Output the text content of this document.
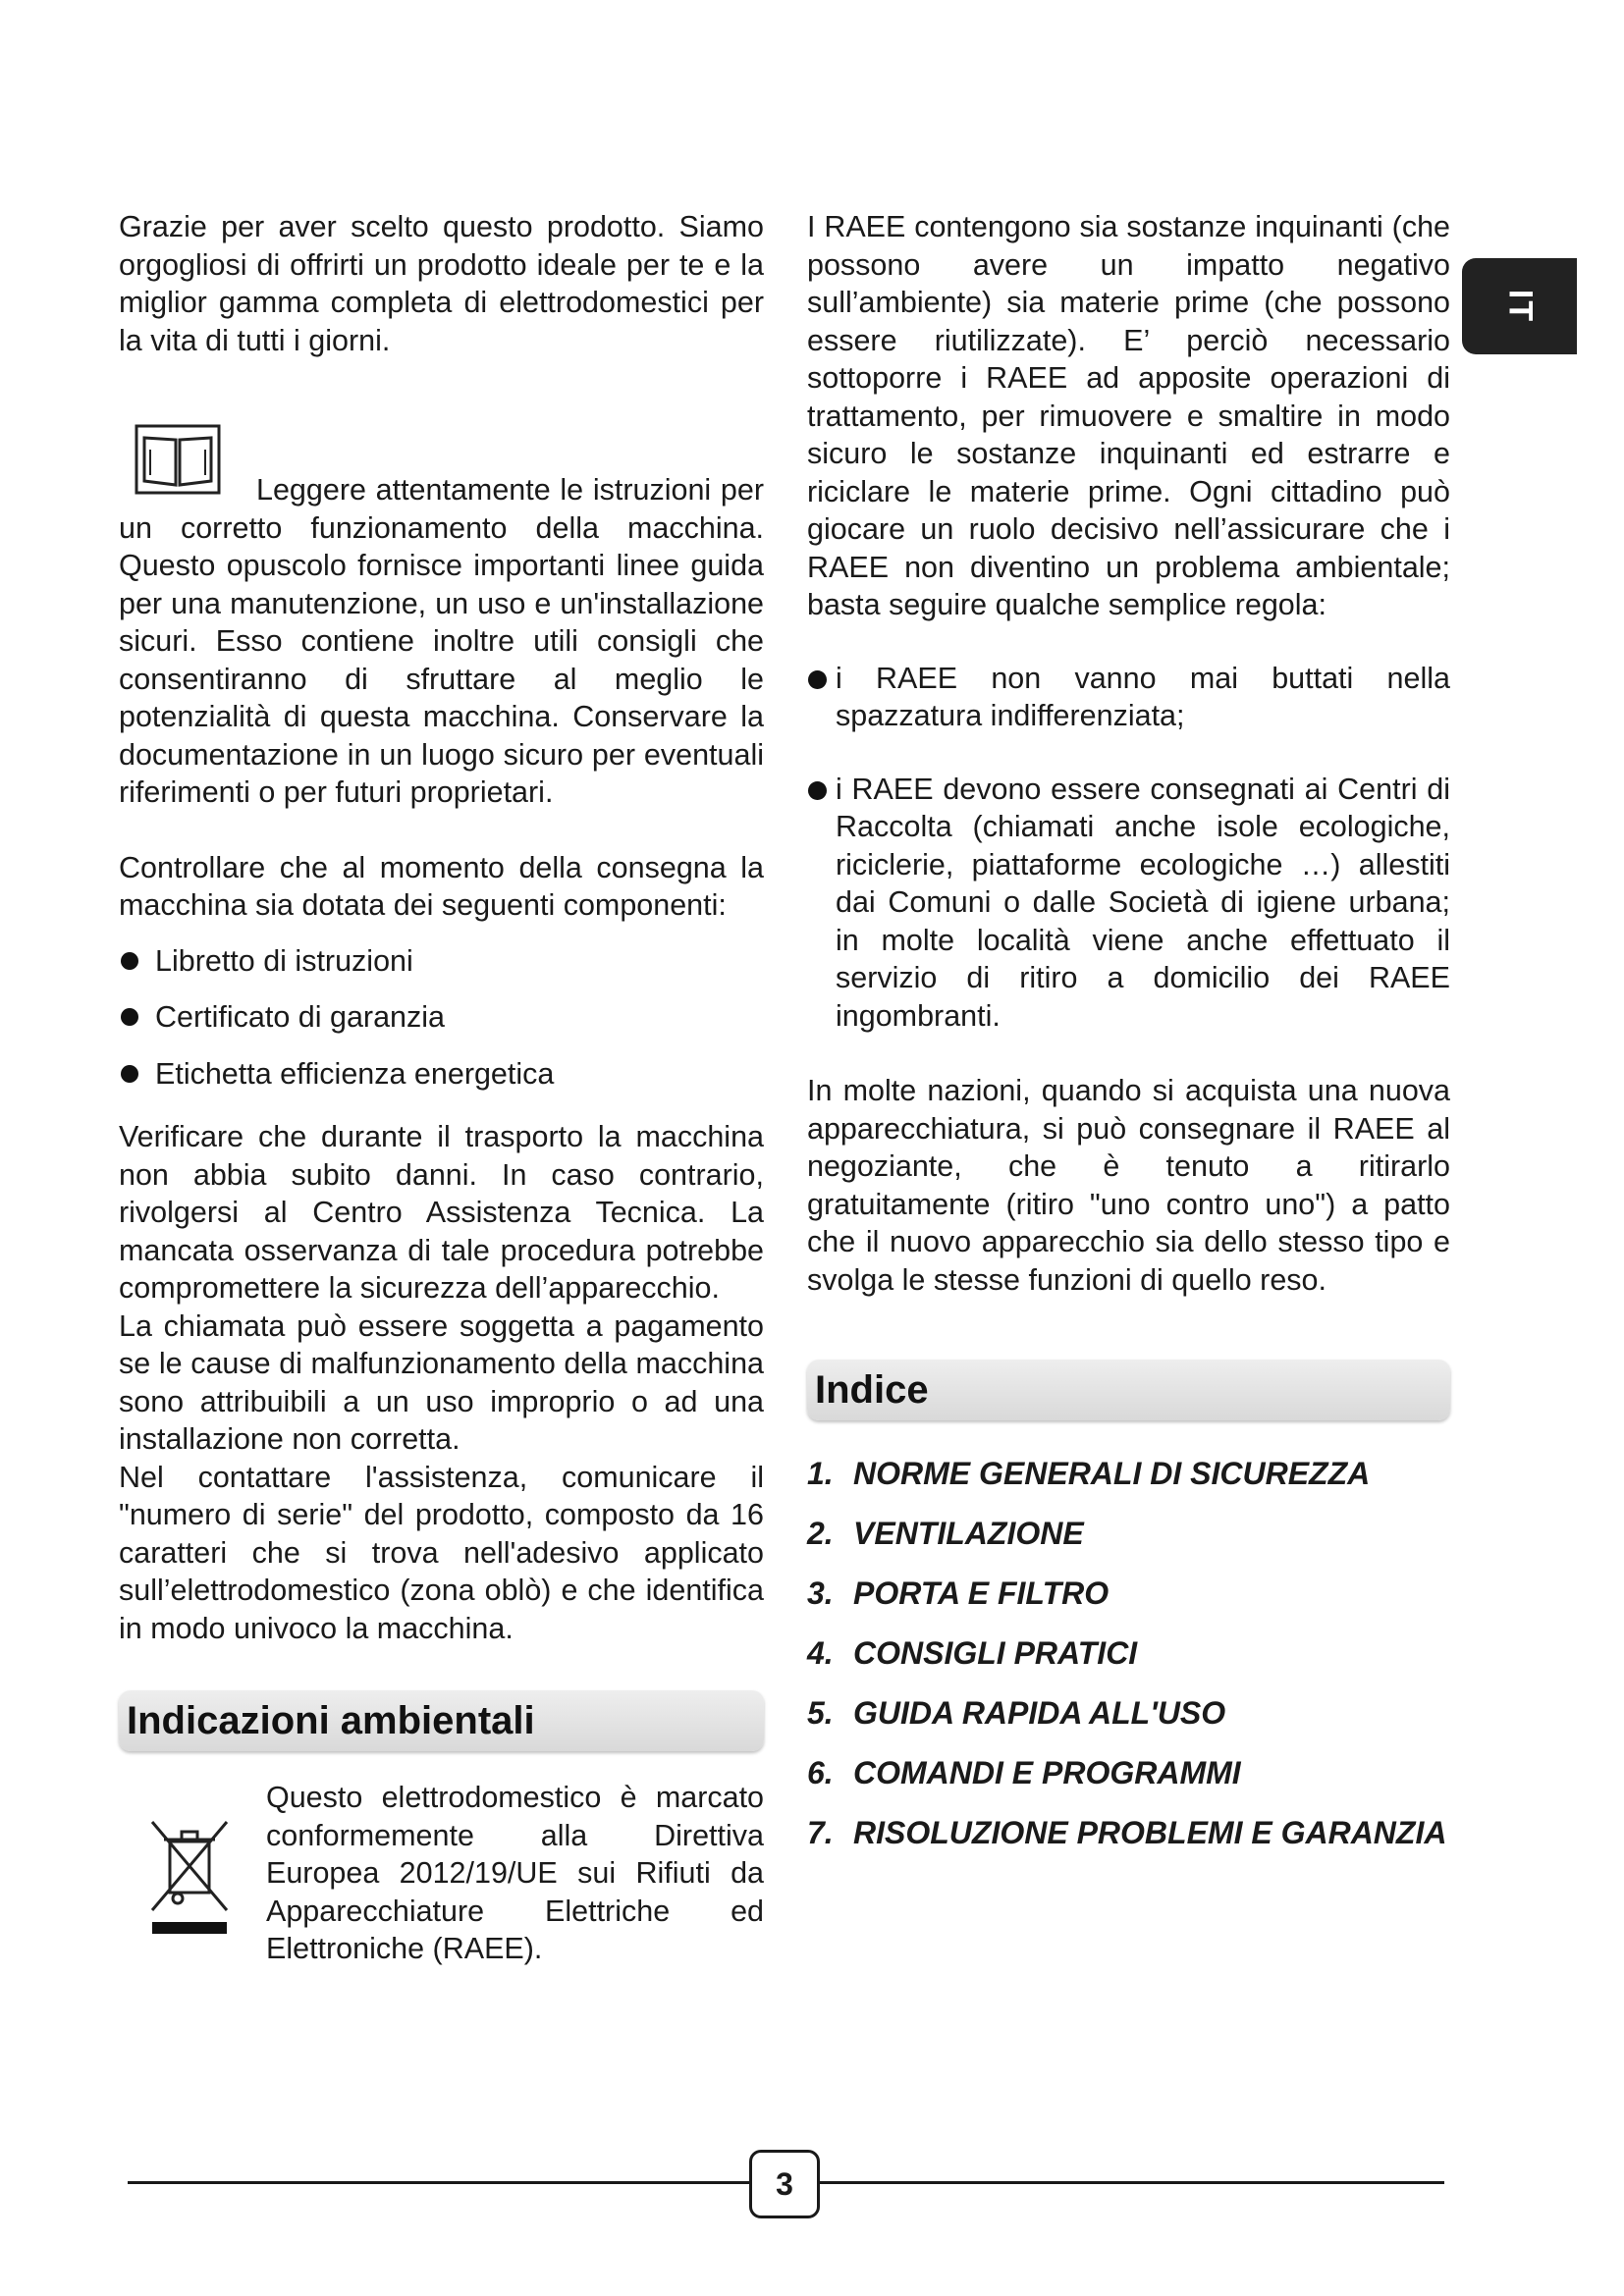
Grazie per aver scelto questo prodotto. Siamo orgogliosi di offrirti un prodotto ideale per te e la miglior gamma completa di elettrodomestici per la vita di tutti i giorni.

Leggere attentamente le istruzioni per un corretto funzionamento della macchina. Questo opuscolo fornisce importanti linee guida per una manutenzione, un uso e un'installazione sicuri. Esso contiene inoltre utili consigli che consentiranno di sfruttare al meglio le potenzialità di questa macchina. Conservare la documentazione in un luogo sicuro per eventuali riferimenti o per futuri proprietari.

Controllare che al momento della consegna la macchina sia dotata dei seguenti componenti:

Libretto di istruzioni
Certificato di garanzia
Etichetta efficienza energetica

Verificare che durante il trasporto la macchina non abbia subito danni. In caso contrario, rivolgersi al Centro Assistenza Tecnica. La mancata osservanza di tale procedura potrebbe compromettere la sicurezza dell’apparecchio.

La chiamata può essere soggetta a pagamento se le cause di malfunzionamento della macchina sono attribuibili a un uso improprio o ad una installazione non corretta.

Nel contattare l'assistenza, comunicare il "numero di serie" del prodotto, composto da 16 caratteri che si trova nell'adesivo applicato sull’elettrodomestico (zona oblò) e che identifica in modo univoco la macchina.

Indicazioni ambientali

Questo elettrodomestico è marcato conformemente alla Direttiva Europea 2012/19/UE sui Rifiuti da Apparecchiature Elettriche ed Elettroniche (RAEE).

I RAEE contengono sia sostanze inquinanti (che possono avere un impatto negativo sull’ambiente) sia materie prime (che possono essere riutilizzate). E’ perciò necessario sottoporre i RAEE ad apposite operazioni di trattamento, per rimuovere e smaltire in modo sicuro le sostanze inquinanti ed estrarre e riciclare le materie prime. Ogni cittadino può giocare un ruolo decisivo nell’assicurare che i RAEE non diventino un problema ambientale; basta seguire qualche semplice regola:

i RAEE non vanno mai buttati nella spazzatura indifferenziata;
i RAEE devono essere consegnati ai Centri di Raccolta (chiamati anche isole ecologiche, riciclerie, piattaforme ecologiche …) allestiti dai Comuni o dalle Società di igiene urbana; in molte località viene anche effettuato il servizio di ritiro a domicilio dei RAEE ingombranti.

In molte nazioni, quando si acquista una nuova apparecchiatura, si può consegnare il RAEE al negoziante, che è tenuto a ritirarlo gratuitamente (ritiro "uno contro uno") a patto che il nuovo apparecchio sia dello stesso tipo e svolga le stesse funzioni di quello reso.

Indice
1. NORME GENERALI DI SICUREZZA
2. VENTILAZIONE
3. PORTA E FILTRO
4. CONSIGLI PRATICI
5. GUIDA RAPIDA ALL'USO
6. COMANDI E PROGRAMMI
7. RISOLUZIONE PROBLEMI E GARANZIA
IT
3
